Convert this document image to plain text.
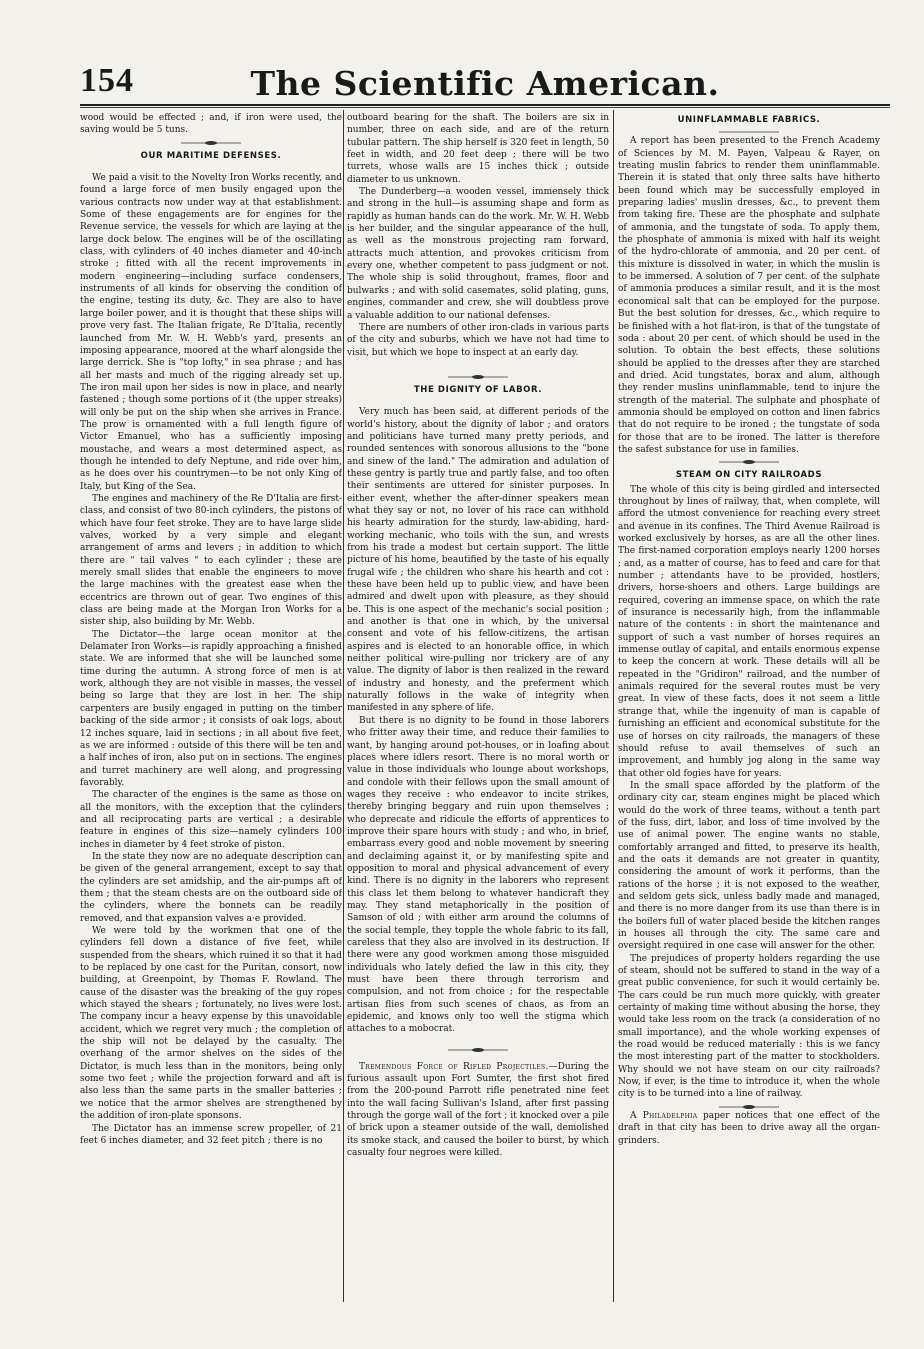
154	The Scientific American.

wood would be effected ; and, if iron were used, the saving would be 5 tuns.

OUR MARITIME DEFENSES.

We paid a visit to the Novelty Iron Works recently, and found a large force of men busily engaged upon the various contracts now under way at that establishment. Some of these engagements are for engines for the Revenue service, the vessels for which are laying at the large dock below. The engines will be of the oscillating class, with cylinders of 40 inches diameter and 40-inch stroke ; fitted with all the recent improvements in modern engineering—including surface condensers, instruments of all kinds for observing the condition of the engine, testing its duty, &c. They are also to have large boiler power, and it is thought that these ships will prove very fast. The Italian frigate, Re D'Italia, recently launched from Mr. W. H. Webb's yard, presents an imposing appearance, moored at the wharf alongside the large derrick. She is "top lofty," in sea phrase ; and has all her masts and much of the rigging already set up. The iron mail upon her sides is now in place, and nearly fastened ; though some portions of it (the upper streaks) will only be put on the ship when she arrives in France. The prow is ornamented with a full length figure of Victor Emanuel, who has a sufficiently imposing moustache, and wears a most determined aspect, as though he intended to defy Neptune, and ride over him, as he does over his countrymen—to be not only King of Italy, but King of the Sea.

The engines and machinery of the Re D'Italia are first-class, and consist of two 80-inch cylinders, the pistons of which have four feet stroke. They are to have large slide valves, worked by a very simple and elegant arrangement of arms and levers ; in addition to which there are " tail valves " to each cylinder ; these are merely small slides that enable the engineers to move the large machines with the greatest ease when the eccentrics are thrown out of gear. Two engines of this class are being made at the Morgan Iron Works for a sister ship, also building by Mr. Webb.

The Dictator—the large ocean monitor at the Delamater Iron Works—is rapidly approaching a finished state. We are informed that she will be launched some time during the autumn. A strong force of men is at work, although they are not visible in masses, the vessel being so large that they are lost in her. The ship carpenters are busily engaged in putting on the timber backing of the side armor ; it consists of oak logs, about 12 inches square, laid in sections ; in all about five feet, as we are informed : outside of this there will be ten and a half inches of iron, also put on in sections. The engines and turret machinery are well along, and progressing favorably.

The character of the engines is the same as those on all the monitors, with the exception that the cylinders and all reciprocating parts are vertical ; a desirable feature in engines of this size—namely cylinders 100 inches in diameter by 4 feet stroke of piston.

In the state they now are no adequate description can be given of the general arrangement, except to say that the cylinders are set amidship, and the air-pumps aft of them ; that the steam chests are on the outboard side of the cylinders, where the bonnets can be readily removed, and that expansion valves a·e provided.

We were told by the workmen that one of the cylinders fell down a distance of five feet, while suspended from the shears, which ruined it so that it had to be replaced by one cast for the Puritan, consort, now building, at Greenpoint, by Thomas F. Rowland. The cause of the disaster was the breaking of the guy ropes which stayed the shears ; fortunately, no lives were lost. The company incur a heavy expense by this unavoidable accident, which we regret very much ; the completion of the ship will not be delayed by the casualty. The overhang of the armor shelves on the sides of the Dictator, is much less than in the monitors, being only some two feet ; while the projection forward and aft is also less than the same parts in the smaller batteries ; we notice that the armor shelves are strengthened by the addition of iron-plate sponsons.

The Dictator has an immense screw propeller, of 21 feet 6 inches diameter, and 32 feet pitch ; there is no

outboard bearing for the shaft. The boilers are six in number, three on each side, and are of the return tubular pattern. The ship herself is 320 feet in length, 50 feet in width, and 20 feet deep ; there will be two turrets, whose walls are 15 inches thick ; outside diameter to us unknown.

The Dunderberg—a wooden vessel, immensely thick and strong in the hull—is assuming shape and form as rapidly as human hands can do the work. Mr. W. H. Webb is her builder, and the singular appearance of the hull, as well as the monstrous projecting ram forward, attracts much attention, and provokes criticism from every one, whether competent to pass judgment or not. The whole ship is solid throughout, frames, floor and bulwarks ; and with solid casemates, solid plating, guns, engines, commander and crew, she will doubtless prove a valuable addition to our national defenses.

There are numbers of other iron-clads in various parts of the city and suburbs, which we have not had time to visit, but which we hope to inspect at an early day.

THE DIGNITY OF LABOR.

Very much has been said, at different periods of the world's history, about the dignity of labor ; and orators and politicians have turned many pretty periods, and rounded sentences with sonorous allusions to the "bone and sinew of the land." The admiration and adulation of these gentry is partly true and partly false, and too often their sentiments are uttered for sinister purposes. In either event, whether the after-dinner speakers mean what they say or not, no lover of his race can withhold his hearty admiration for the sturdy, law-abiding, hard-working mechanic, who toils with the sun, and wrests from his trade a modest but certain support. The little picture of his home, beautified by the taste of his equally frugal wife ; the children who share his hearth and cot : these have been held up to public view, and have been admired and dwelt upon with pleasure, as they should be. This is one aspect of the mechanic's social position ; and another is that one in which, by the universal consent and vote of his fellow-citizens, the artisan aspires and is elected to an honorable office, in which neither political wire-pulling nor trickery are of any value. The dignity of labor is then realized in the reward of industry and honesty, and the preferment which naturally follows in the wake of integrity when manifested in any sphere of life.

But there is no dignity to be found in those laborers who fritter away their time, and reduce their families to want, by hanging around pot-houses, or in loafing about places where idlers resort. There is no moral worth or value in those individuals who lounge about workshops, and condole with their fellows upon the small amount of wages they receive : who endeavor to incite strikes, thereby bringing beggary and ruin upon themselves ; who deprecate and ridicule the efforts of apprentices to improve their spare hours with study ; and who, in brief, embarrass every good and noble movement by sneering and declaiming against it, or by manifesting spite and opposition to moral and physical advancement of every kind. There is no dignity in the laborers who represent this class let them belong to whatever handicraft they may. They stand metaphorically in the position of Samson of old ; with either arm around the columns of the social temple, they topple the whole fabric to its fall, careless that they also are involved in its destruction. If there were any good workmen among those misguided individuals who lately defied the law in this city, they must have been there through terrorism and compulsion, and not from choice ; for the respectable artisan flies from such scenes of chaos, as from an epidemic, and knows only too well the stigma which attaches to a mobocrat.

Tremendous Force of Rifled Projectiles.—During the furious assault upon Fort Sumter, the first shot fired from the 200-pound Parrott rifle penetrated nine feet into the wall facing Sullivan's Island, after first passing through the gorge wall of the fort ; it knocked over a pile of brick upon a steamer outside of the wall, demolished its smoke stack, and caused the boiler to burst, by which casualty four negroes were killed.

UNINFLAMMABLE FABRICS.

A report has been presented to the French Academy of Sciences by M. M. Payen, Valpeau & Rayer, on treating muslin fabrics to render them uninflammable. Therein it is stated that only three salts have hitherto been found which may be successfully employed in preparing ladies' muslin dresses, &c., to prevent them from taking fire. These are the phosphate and sulphate of ammonia, and the tungstate of soda. To apply them, the phosphate of ammonia is mixed with half its weight of the hydro-chlorate of ammonia, and 20 per cent. of this mixture is dissolved in water, in which the muslin is to be immersed. A solution of 7 per cent. of the sulphate of ammonia produces a similar result, and it is the most economical salt that can be employed for the purpose. But the best solution for dresses, &c., which require to be finished with a hot flat-iron, is that of the tungstate of soda : about 20 per cent. of which should be used in the solution. To obtain the best effects, these solutions should be applied to the dresses after they are starched and dried. Acid tungstates, borax and alum, although they render muslins uninflammable, tend to injure the strength of the material. The sulphate and phosphate of ammonia should be employed on cotton and linen fabrics that do not require to be ironed ; the tungstate of soda for those that are to be ironed. The latter is therefore the safest substance for use in families.

STEAM ON CITY RAILROADS

The whole of this city is being girdled and intersected throughout by lines of railway, that, when complete, will afford the utmost convenience for reaching every street and avenue in its confines. The Third Avenue Railroad is worked exclusively by horses, as are all the other lines. The first-named corporation employs nearly 1200 horses ; and, as a matter of course, has to feed and care for that number ; attendants have to be provided, hostlers, drivers, horse-shoers and others. Large buildings are required, covering an immense space, on which the rate of insurance is necessarily high, from the inflammable nature of the contents : in short the maintenance and support of such a vast number of horses requires an immense outlay of capital, and entails enormous expense to keep the concern at work. These details will all be repeated in the "Gridiron" railroad, and the number of animals required for the several routes must be very great. In view of these facts, does it not seem a little strange that, while the ingenuity of man is capable of furnishing an efficient and economical substitute for the use of horses on city railroads, the managers of these should refuse to avail themselves of such an improvement, and humbly jog along in the same way that other old fogies have for years.

In the small space afforded by the platform of the ordinary city car, steam engines might be placed which would do the work of three teams, without a tenth part of the fuss, dirt, labor, and loss of time involved by the use of animal power. The engine wants no stable, comfortably arranged and fitted, to preserve its health, and the oats it demands are not greater in quantity, considering the amount of work it performs, than the rations of the horse ; it is not exposed to the weather, and seldom gets sick, unless badly made and managed, and there is no more danger from its use than there is in the boilers full of water placed beside the kitchen ranges in houses all through the city. The same care and oversight required in one case will answer for the other.

The prejudices of property holders regarding the use of steam, should not be suffered to stand in the way of a great public convenience, for such it would certainly be. The cars could be run much more quickly, with greater certainty of making time without abusing the horse, they would take less room on the track (a consideration of no small importance), and the whole working expenses of the road would be reduced materially : this is we fancy the most interesting part of the matter to stockholders. Why should we not have steam on our city railroads? Now, if ever, is the time to introduce it, when the whole city is to be turned into a line of railway.

A Philadelphia paper notices that one effect of the draft in that city has been to drive away all the organ-grinders.
